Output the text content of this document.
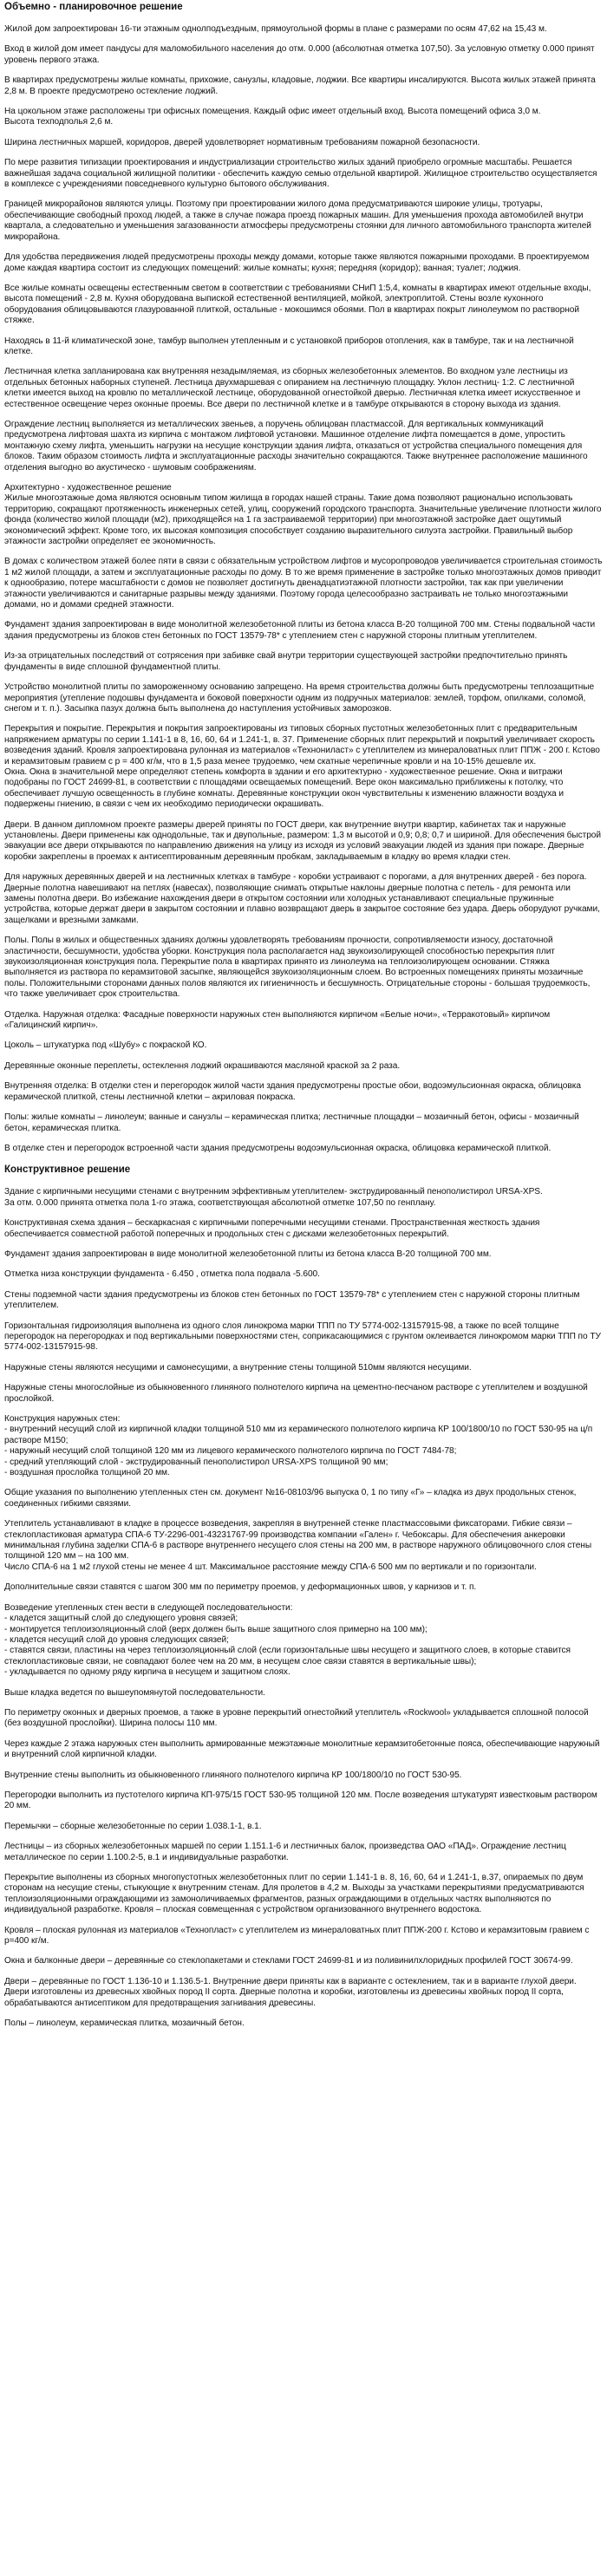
Объемно - планировочное решение
Жилой дом запроектирован 16-ти этажным однолподъездным, прямоугольной формы в плане с размерами по осям 47,62 на 15,43 м.
Вход в жилой дом имеет пандусы для маломобильного населения до отм. 0.000 (абсолютная отметка 107,50). За условную отметку 0.000 принят уровень первого этажа.
В квартирах предусмотрены жилые комнаты, прихожие, санузлы, кладовые, лоджии. Все квартиры инсалируются. Высота жилых этажей принята 2,8 м. В проекте предусмотрено остекление лоджий.
На цокольном этаже расположены три офисных помещения. Каждый офис имеет отдельный вход. Высота помещений офиса 3,0 м.
Высота техподполья 2,6 м.
Ширина лестничных маршей, коридоров, дверей удовлетворяет нормативным требованиям пожарной безопасности.
По мере развития типизации проектирования и индустриализации строительство жилых зданий приобрело огромные масштабы. Решается важнейшая задача социальной жилищной политики - обеспечить каждую семью отдельной квартирой. Жилищное строительство осуществляется в комплексе с учреждениями повседневного культурно бытового обслуживания.
Границей микрорайонов являются улицы. Поэтому при проектировании жилого дома предусматриваются широкие улицы, тротуары, обеспечивающие свободный проход людей, а также в случае пожара проезд пожарных машин. Для уменьшения прохода автомобилей внутри квартала, а следовательно и уменьшения загазованности атмосферы предусмотрены стоянки для личного автомобильного транспорта жителей микрорайона.
Для удобства передвижения людей предусмотрены проходы между домами, которые также являются пожарными проходами. В проектируемом доме каждая квартира состоит из следующих помещений: жилые комнаты; кухня; передняя (коридор); ванная; туалет; лоджия.
Все жилые комнаты освещены естественным светом в соответствии с требованиями СНиП 1:5,4, комнаты в квартирах имеют отдельные входы, высота помещений - 2,8 м. Кухня оборудована выпиской естественной вентиляцией, мойкой, электроплитой. Стены возле кухонного оборудования облицовываются глазурованной плиткой, остальные - мокошимся обоями. Пол в квартирах покрыт линолеумом по растворной стяжке.
Находясь в 11-й климатической зоне, тамбур выполнен утепленным и с установкой приборов отопления, как в тамбуре, так и на лестничной клетке.
Лестничная клетка запланирована как внутренняя незадымляемая, из сборных железобетонных элементов. Во входном узле лестницы из отдельных бетонных наборных ступеней. Лестница двухмаршевая с опиранием на лестничную площадку. Уклон лестниц- 1:2. С лестничной клетки имеется выход на кровлю по металлической лестнице, оборудованной огнестойкой дверью. Лестничная клетка имеет искусственное и естественное освещение через оконные проемы. Все двери по лестничной клетке и в тамбуре открываются в сторону выхода из здания.
Ограждение лестниц выполняется из металлических звеньев, а поручень облицован пластмассой. Для вертикальных коммуникаций предусмотрена лифтовая шахта из кирпича с монтажом лифтовой установки. Машинное отделение лифта помещается в доме, упростить монтажную схему лифта, уменьшить нагрузки на несущие конструкции здания лифта, отказаться от устройства специального помещения для блоков. Таким образом стоимость лифта и эксплуатационные расходы значительно сокращаются. Также внутреннее расположение машинного отделения выгодно во акустическо - шумовым соображениям.
Архитектурно - художественное решение
Жилые многоэтажные дома являются основным типом жилища в городах нашей страны. Такие дома позволяют рационально использовать территорию, сокращают протяженность инженерных сетей, улиц, сооружений городского транспорта. Значительные увеличение плотности жилого фонда (количество жилой площади (м2), приходящейся на 1 га застраиваемой территории) при многоэтажной застройке дает ощутимый экономический эффект. Кроме того, их высокая композиция способствует созданию выразительного силуэта застройки. Правильный выбор этажности застройки определяет ее экономичность.
В домах с количеством этажей более пяти в связи с обязательным устройством лифтов и мусоропроводов увеличивается строительная стоимость 1 м2 жилой площади, а затем и эксплуатационные расходы по дому. В то же время применение в застройке только многоэтажных домов приводит к однообразию, потере масштабности с домов не позволяет достигнуть двенадцатиэтажной плотности застройки, так как при увеличении этажности увеличиваются и санитарные разрывы между зданиями. Поэтому города целесообразно застраивать не только многоэтажными домами, но и домами средней этажности.
Фундамент здания запроектирован в виде монолитной железобетонной плиты из бетона класса В-20 толщиной 700 мм. Стены подвальной части здания предусмотрены из блоков стен бетонных по ГОСТ 13579-78* с утеплением стен с наружной стороны плитным утеплителем.
Из-за отрицательных последствий от сотрясения при забивке свай внутри территории существующей застройки предпочтительно принять фундаменты в виде сплошной фундаментной плиты.
Устройство монолитной плиты по замороженному основанию запрещено. На время строительства должны быть предусмотрены теплозащитные мероприятия (утепление подошвы фундамента и боковой поверхности одним из подручных материалов: землей, торфом, опилками, соломой, снегом и т. п.). Засыпка пазух должна быть выполнена до наступления устойчивых заморозков.
Перекрытия и покрытие. Перекрытия и покрытия запроектированы из типовых сборных пустотных железобетонных плит с предварительным напряжением арматуры по серии 1.141-1 в 8, 16, 60, 64 и 1.241-1, в. 37. Применение сборных плит перекрытий и покрытий увеличивает скорость возведения зданий. Кровля запроектирована рулонная из материалов «Технониласт» с утеплителем из минераловатных плит ППЖ - 200 г. Кстово и керамзитовым гравием с р = 400 кг/м, что в 1,5 раза менее трудоемко, чем скатные черепичные кровли и на 10-15% дешевле их.
Окна. Окна в значительной мере определяют степень комфорта в здании и его архитектурно - художественное решение. Окна и витражи подобраны по ГОСТ 24699-81, в соответствии с площадями освещаемых помещений. Вере окон максимально приближены к потолку, что обеспечивает лучшую освещенность в глубине комнаты. Деревянные конструкции окон чувствительны к изменению влажности воздуха и подвержены гниению, в связи с чем их необходимо периодически окрашивать.
Двери. В данном дипломном проекте размеры дверей приняты по ГОСТ двери, как внутренние внутри квартир, кабинетах так и наружные установлены. Двери применены как однодольные, так и двупольные, размером: 1,3 м высотой и 0,9; 0,8; 0,7 и шириной. Для обеспечения быстрой эвакуации все двери открываются по направлению движения на улицу из исходя из условий эвакуации людей из здания при пожаре. Дверные коробки закреплены в проемах к антисептированным деревянным пробкам, закладываемым в кладку во время кладки стен.
Для наружных деревянных дверей и на лестничных клетках в тамбуре - коробки устраивают с порогами, а для внутренних дверей - без порога. Дверные полотна навешивают на петлях (навесах), позволяющие снимать открытые наклоны дверные полотна с петель - для ремонта или замены полотна двери. Во избежание нахождения двери в открытом состоянии или холодных устанавливают специальные пружинные устройства, которые держат двери в закрытом состоянии и плавно возвращают дверь в закрытое состояние без удара. Дверь оборудуют ручками, защелками и врезными замками.
Полы. Полы в жилых и общественных зданиях должны удовлетворять требованиям прочности, сопротивляемости износу, достаточной эластичности, бесшумности, удобства уборки. Конструкция пола располагается над звукоизолирующей способностью перекрытия плит звукоизоляционная конструкция пола. Перекрытие пола в квартирах принято из линолеума на теплоизолирующем основании. Стяжка выполняется из раствора по керамзитовой засыпке, являющейся звукоизоляционным слоем. Во встроенных помещениях приняты мозаичные полы. Положительными сторонами данных полов являются их гигиеничность и бесшумность. Отрицательные стороны - большая трудоемкость, что также увеличивает срок строительства.
Отделка. Наружная отделка: Фасадные поверхности наружных стен выполняются кирпичом «Белые ночи», «Терракотовый» кирпичом «Галицинский кирпич».
Цоколь – штукатурка под «Шубу» с покраской КО.
Деревянные оконные переплеты, остеклення лоджий окрашиваются масляной краской за 2 раза.
Внутренняя отделка: В отделки стен и перегородок жилой части здания предусмотрены простые обои, водоэмульсионная окраска, облицовка керамической плиткой, стены лестничной клетки – акриловая покраска.
Полы: жилые комнаты – линолеум; ванные и санузлы – керамическая плитка; лестничные площадки – мозаичный бетон, офисы - мозаичный бетон, керамическая плитка.
В отделке стен и перегородок встроенной части здания предусмотрены водоэмульсионная окраска, облицовка керамической плиткой.
Конструктивное решение
Здание с кирпичными несущими стенами с внутренним эффективным утеплителем- экструдированный пенополистирол URSA-XPS.
За отм. 0.000 принята отметка пола 1-го этажа, соответствующая абсолютной отметке 107,50 по генплану.
Конструктивная схема здания – бескаркасная с кирпичными поперечными несущими стенами. Пространственная жесткость здания обеспечивается совместной работой поперечных и продольных стен с дисками железобетонных перекрытий.
Фундамент здания запроектирован в виде монолитной железобетонной плиты из бетона класса В-20 толщиной 700 мм.
Отметка низа конструкции фундамента - 6.450 , отметка пола подвала -5.600.
Стены подземной части здания предусмотрены из блоков стен бетонных по ГОСТ 13579-78* с утеплением стен с наружной стороны плитным утеплителем.
Горизонтальная гидроизоляция выполнена из одного слоя линокрома марки ТПП по ТУ 5774-002-13157915-98, а также по всей толщине перегородок на перегородках и под вертикальными поверхностями стен, соприкасающимися с грунтом оклеивается линокромом марки ТПП по ТУ 5774-002-13157915-98.
Наружные стены являются несущими и самонесущими, а внутренние стены толщиной 510мм являются несущими.
Наружные стены многослойные из обыкновенного глиняного полнотелого кирпича на цементно-песчаном растворе с утеплителем и воздушной прослойкой.
Конструкция наружных стен:
- внутренний несущий слой из кирпичной кладки толщиной 510 мм из керамического полнотелого кирпича КР 100/1800/10 по ГОСТ 530-95 на ц/п растворе М150;
- наружный несущий слой толщиной 120 мм из лицевого керамического полнотелого кирпича по ГОСТ 7484-78;
- средний утепляющий слой - экструдированный пенополистирол URSA-XPS толщиной 90 мм;
- воздушная прослойка толщиной 20 мм.
Общие указания по выполнению утепленных стен см. документ №16-08103/96 выпуска 0, 1 по типу «Г» – кладка из двух продольных стенок, соединенных гибкими связями.
Утеплитель устанавливают в кладке в процессе возведения, закрепляя в внутренней стенке пластмассовыми фиксаторами. Гибкие связи – стеклопластиковая арматура СПА-6 ТУ-2296-001-43231767-99 производства компании «Гален» г. Чебоксары. Для обеспечения анкеровки минимальная глубина заделки СПА-6 в растворе внутреннего несущего слоя стены на 200 мм, в растворе наружного облицовочного слоя стены толщиной 120 мм – на 100 мм.
Число СПА-6 на 1 м2 глухой стены не менее 4 шт. Максимальное расстояние между СПА-6 500 мм по вертикали и по горизонтали.
Дополнительные связи ставятся с шагом 300 мм по периметру проемов, у деформационных швов, у карнизов и т. п.
Возведение утепленных стен вести в следующей последовательности:
- кладется защитный слой до следующего уровня связей;
- монтируется теплоизоляционный слой (верх должен быть выше защитного слоя примерно на 100 мм);
- кладется несущий слой до уровня следующих связей;
- ставятся связи, пластины на через теплоизоляционный слой (если горизонтальные швы несущего и защитного слоев, в которые ставится стеклопластиковые связи, не совпадают более чем на 20 мм, в несущем слое связи ставятся в вертикальные швы);
- укладывается по одному ряду кирпича в несущем и защитном слоях.
Выше кладка ведется по вышеупомянутой последовательности.
По периметру оконных и дверных проемов, а также в уровне перекрытий огнестойкий утеплитель «Rockwool» укладывается сплошной полосой (без воздушной прослойки). Ширина полосы 110 мм.
Через каждые 2 этажа наружных стен выполнить армированные межэтажные монолитные керамзитобетонные пояса, обеспечивающие наружный и внутренний слой кирпичной кладки.
Внутренние стены выполнить из обыкновенного глиняного полнотелого кирпича КР 100/1800/10 по ГОСТ 530-95.
Перегородки выполнить из пустотелого кирпича КП-975/15 ГОСТ 530-95 толщиной 120 мм. После возведения штукатурят известковым раствором 20 мм.
Перемычки – сборные железобетонные по серии 1.038.1-1, в.1.
Лестницы – из сборных железобетонных маршей по серии 1.151.1-6 и лестничных балок, произведства ОАО «ПАД». Ограждение лестниц металлическое по серии 1.100.2-5, в.1 и индивидуальные разработки.
Перекрытие выполнены из сборных многопустотных железобетонных плит по серии 1.141-1 в. 8, 16, 60, 64 и 1.241-1, в.37, опираемых по двум сторонам на несущие стены, стыкующие к внутренним стенам. Для пролетов в 4,2 м. Выходы за участками перекрытиями предусматриваются теплоизоляционными ограждающими из замоноличиваемых фрагментов, разных ограждающими в отдельных частях выполняются по индивидуальной разработке. Кровля – плоская совмещенная с устройством организованного внутреннего водостока.
Кровля – плоская рулонная из материалов «Технопласт» с утеплителем из минераловатных плит ППЖ-200 г. Кстово и керамзитовым гравием с р=400 кг/м.
Окна и балконные двери – деревянные со стеклопакетами и стеклами ГОСТ 24699-81 и из поливинилхлоридных профилей ГОСТ 30674-99.
Двери – деревянные по ГОСТ 1.136-10 и 1.136.5-1. Внутренние двери приняты как в варианте с остеклением, так и в варианте глухой двери. Двери изготовлены из древесных хвойных пород II сорта. Дверные полотна и коробки, изготовлены из древесины хвойных пород II сорта, обрабатываются антисептиком для предотвращения загнивания древесины.
Полы – линолеум, керамическая плитка, мозаичный бетон.
